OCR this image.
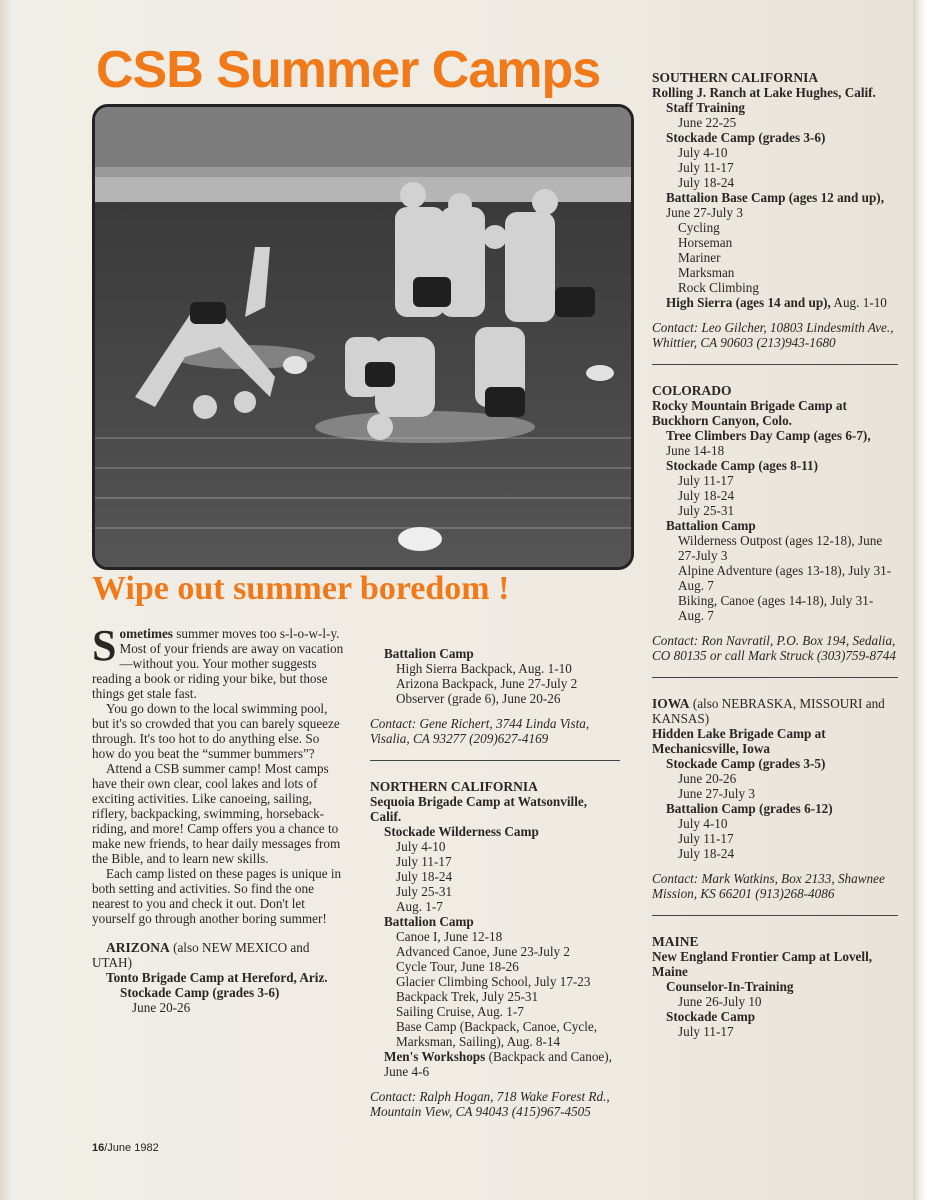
CSB Summer Camps
Wipe out summer boredom !

Sometimes summer moves too s-l-o-w-l-y. Most of your friends are away on vacation—without you. Your mother suggests reading a book or riding your bike, but those things get stale fast.

You go down to the local swimming pool, but it's so crowded that you can barely squeeze through. It's too hot to do anything else. So how do you beat the “summer bummers”?

Attend a CSB summer camp! Most camps have their own clear, cool lakes and lots of exciting activities. Like canoeing, sailing, riflery, backpacking, swimming, horseback-riding, and more! Camp offers you a chance to make new friends, to hear daily messages from the Bible, and to learn new skills.

Each camp listed on these pages is unique in both setting and activities. So find the one nearest to you and check it out. Don't let yourself go through another boring summer!

ARIZONA (also NEW MEXICO and UTAH)

Tonto Brigade Camp at Hereford, Ariz.

Stockade Camp (grades 3-6)

June 20-26

Battalion Camp

High Sierra Backpack, Aug. 1-10

Arizona Backpack, June 27-July 2

Observer (grade 6), June 20-26

Contact: Gene Richert, 3744 Linda Vista, Visalia, CA 93277 (209)627-4169

NORTHERN CALIFORNIA

Sequoia Brigade Camp at Watsonville, Calif.

Stockade Wilderness Camp

July 4-10

July 11-17

July 18-24

July 25-31

Aug. 1-7

Battalion Camp

Canoe I, June 12-18

Advanced Canoe, June 23-July 2

Cycle Tour, June 18-26

Glacier Climbing School, July 17-23

Backpack Trek, July 25-31

Sailing Cruise, Aug. 1-7

Base Camp (Backpack, Canoe, Cycle, Marksman, Sailing), Aug. 8-14

Men's Workshops (Backpack and Canoe), June 4-6

Contact: Ralph Hogan, 718 Wake Forest Rd., Mountain View, CA 94043 (415)967-4505

SOUTHERN CALIFORNIA

Rolling J. Ranch at Lake Hughes, Calif.

Staff Training

June 22-25

Stockade Camp (grades 3-6)

July 4-10

July 11-17

July 18-24

Battalion Base Camp (ages 12 and up), June 27-July 3

Cycling

Horseman

Mariner

Marksman

Rock Climbing

High Sierra (ages 14 and up), Aug. 1-10

Contact: Leo Gilcher, 10803 Lindesmith Ave., Whittier, CA 90603 (213)943-1680

COLORADO

Rocky Mountain Brigade Camp at Buckhorn Canyon, Colo.

Tree Climbers Day Camp (ages 6-7), June 14-18

Stockade Camp (ages 8-11)

July 11-17

July 18-24

July 25-31

Battalion Camp

Wilderness Outpost (ages 12-18), June 27-July 3

Alpine Adventure (ages 13-18), July 31-Aug. 7

Biking, Canoe (ages 14-18), July 31-Aug. 7

Contact: Ron Navratil, P.O. Box 194, Sedalia, CO 80135 or call Mark Struck (303)759-8744

IOWA (also NEBRASKA, MISSOURI and KANSAS)

Hidden Lake Brigade Camp at Mechanicsville, Iowa

Stockade Camp (grades 3-5)

June 20-26

June 27-July 3

Battalion Camp (grades 6-12)

July 4-10

July 11-17

July 18-24

Contact: Mark Watkins, Box 2133, Shawnee Mission, KS 66201 (913)268-4086

MAINE

New England Frontier Camp at Lovell, Maine

Counselor-In-Training

June 26-July 10

Stockade Camp

July 11-17

16/June 1982
